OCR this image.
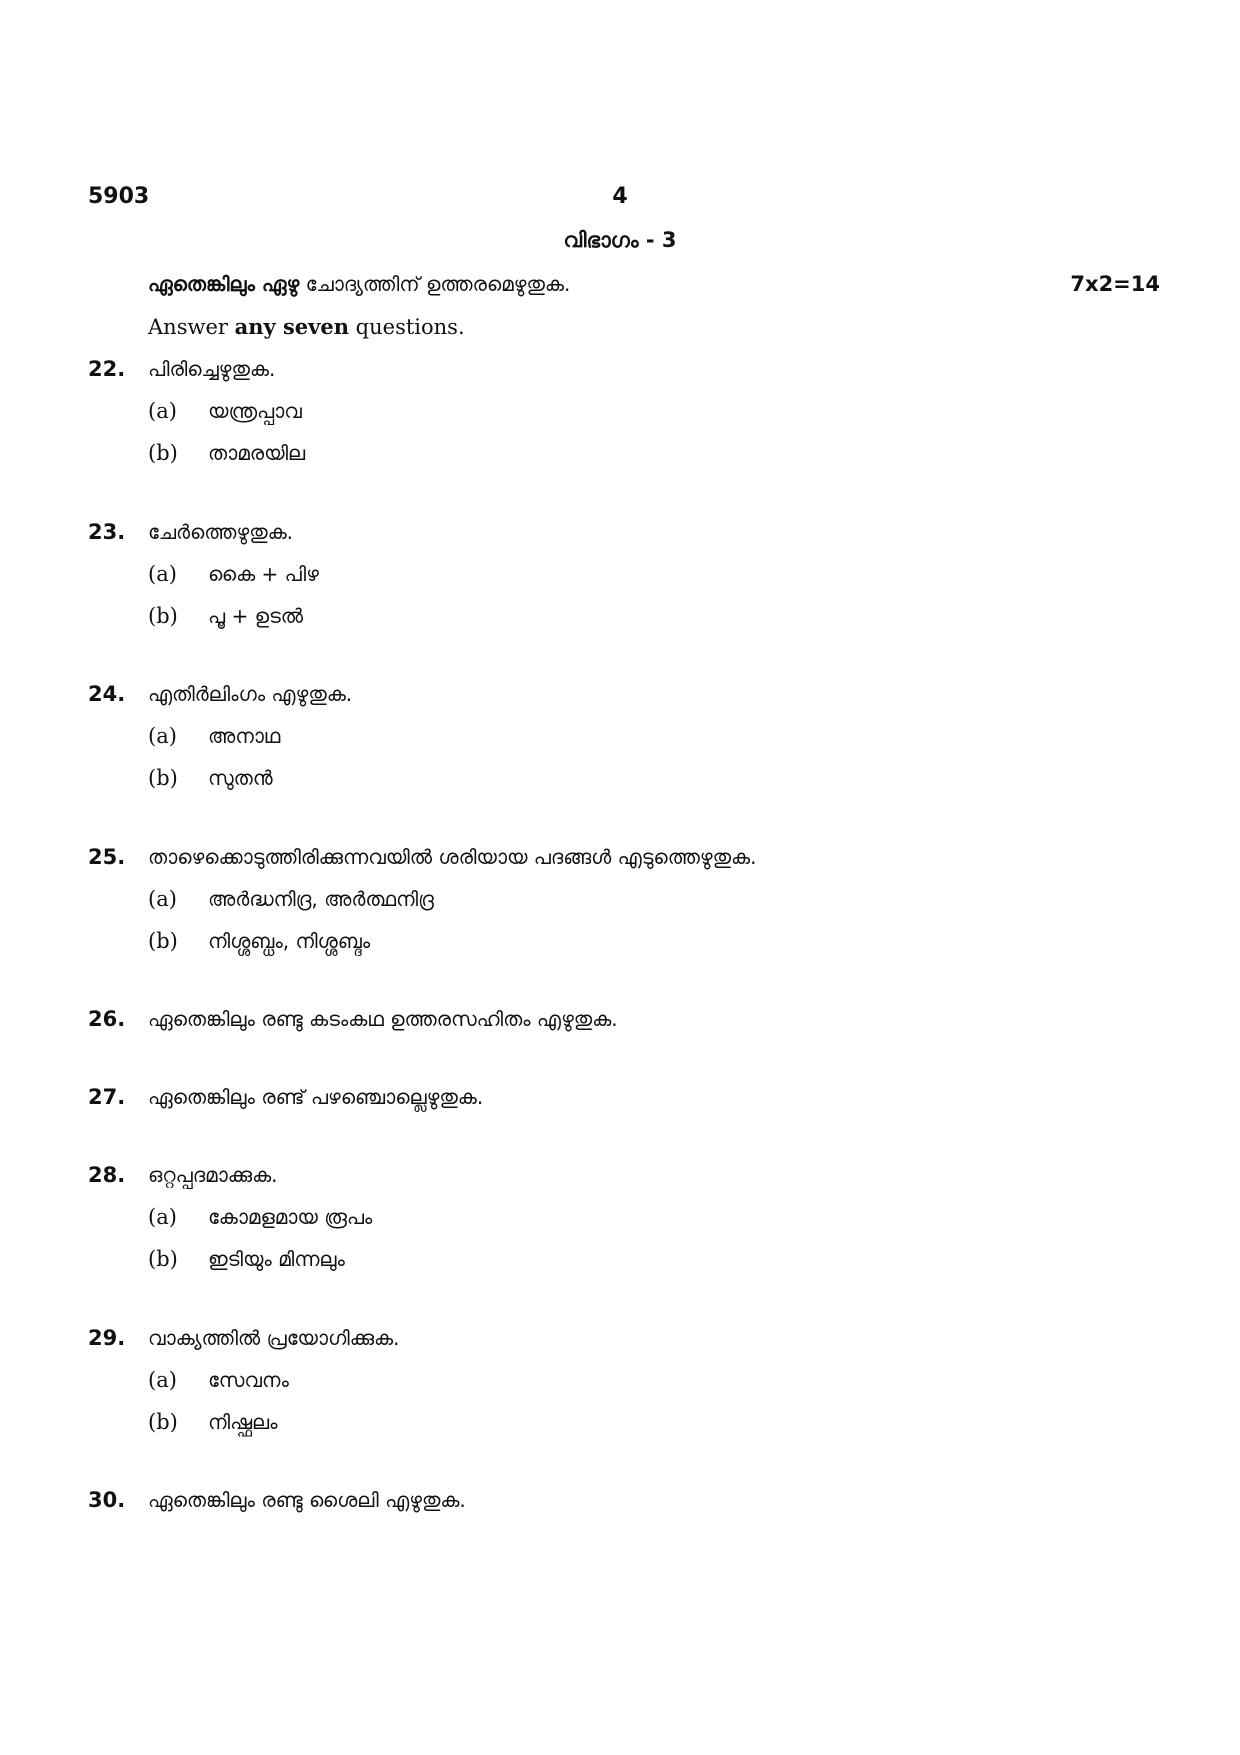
5903	4
വിഭാഗം - 3
ഏതെങ്കിലും ഏഴു ചോദ്യത്തിന് ഉത്തരമെഴുതുക.	7x2=14
Answer any seven questions.
22.	പിരിച്ചെഴുതുക.
(a)	യന്ത്രപ്പാവ
(b)	താമരയില
23.	ചേർത്തെഴുതുക.
(a)	കൈ + പിഴ
(b)	പൂ + ഉടൽ
24.	എതിർലിംഗം എഴുതുക.
(a)	അനാഥ
(b)	സുതൻ
25.	താഴെക്കൊടുത്തിരിക്കുന്നവയിൽ ശരിയായ പദങ്ങൾ എടുത്തെഴുതുക.
(a)	അർദ്ധനിദ്ര, അർത്ഥനിദ്ര
(b)	നിശ്ശബ്ധം, നിശ്ശബ്ദം
26.	ഏതെങ്കിലും രണ്ടു കടംകഥ ഉത്തരസഹിതം എഴുതുക.
27.	ഏതെങ്കിലും രണ്ട് പഴഞ്ചൊല്ലെഴുതുക.
28.	ഒറ്റപ്പദമാക്കുക.
(a)	കോമളമായ രൂപം
(b)	ഇടിയും മിന്നലും
29.	വാക്യത്തിൽ പ്രയോഗിക്കുക.
(a)	സേവനം
(b)	നിഷ്ഫലം
30.	ഏതെങ്കിലും രണ്ടു ശൈലി എഴുതുക.
